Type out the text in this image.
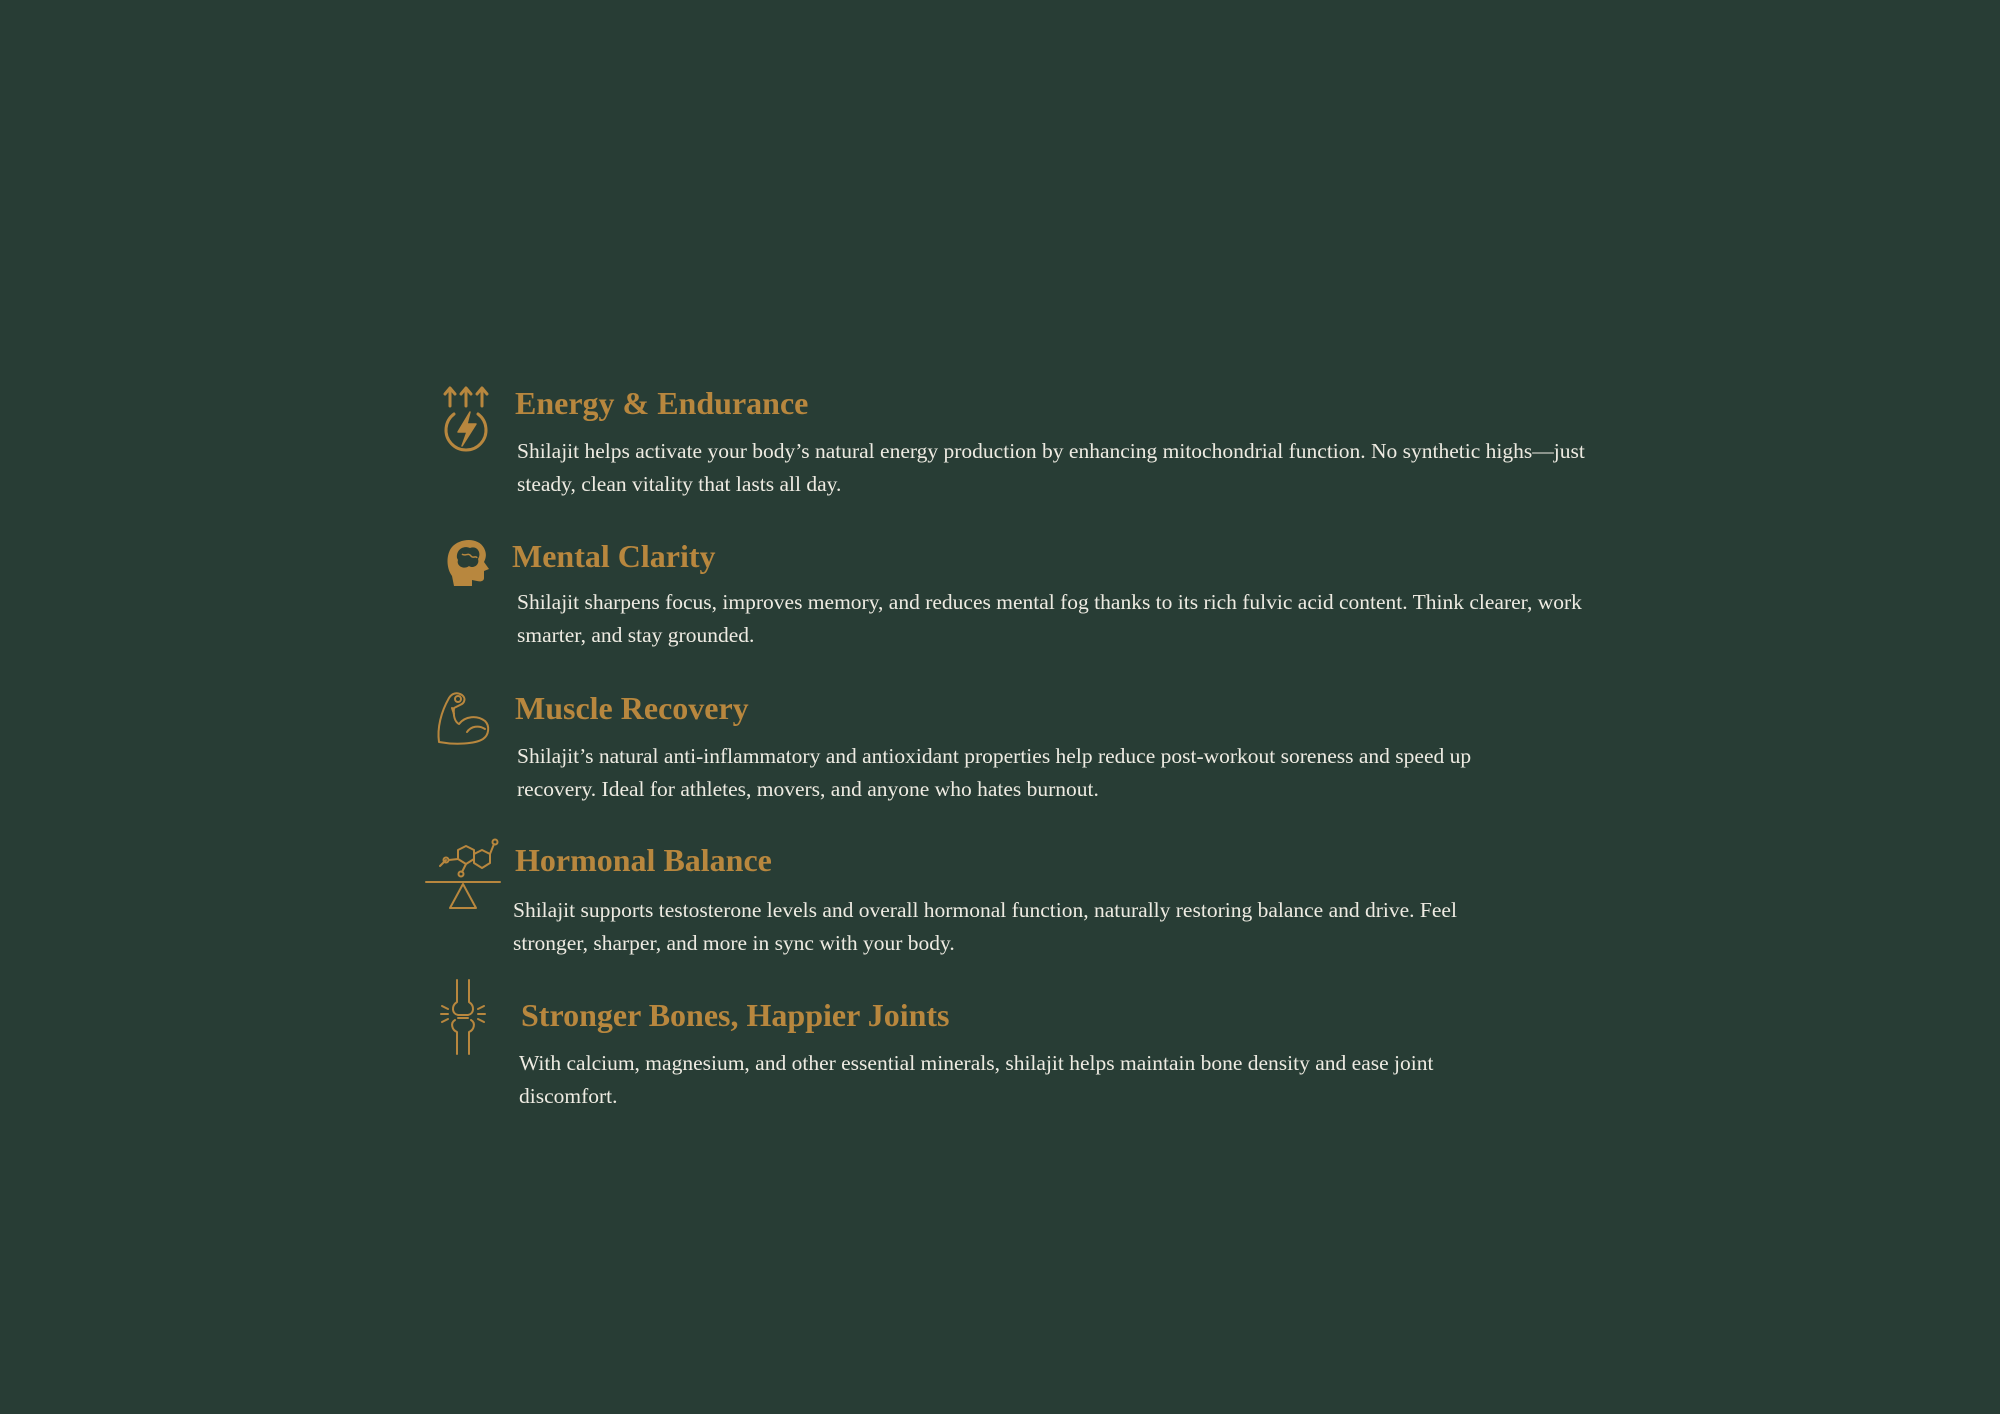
Energy & Endurance

Shilajit helps activate your body’s natural energy production by enhancing mitochondrial function. No synthetic highs—just steady, clean vitality that lasts all day.

Mental Clarity

Shilajit sharpens focus, improves memory, and reduces mental fog thanks to its rich fulvic acid content. Think clearer, work smarter, and stay grounded.

Muscle Recovery

Shilajit’s natural anti-inflammatory and antioxidant properties help reduce post-workout soreness and speed up recovery. Ideal for athletes, movers, and anyone who hates burnout.

Hormonal Balance

Shilajit supports testosterone levels and overall hormonal function, naturally restoring balance and drive. Feel stronger, sharper, and more in sync with your body.

Stronger Bones, Happier Joints

With calcium, magnesium, and other essential minerals, shilajit helps maintain bone density and ease joint discomfort.
